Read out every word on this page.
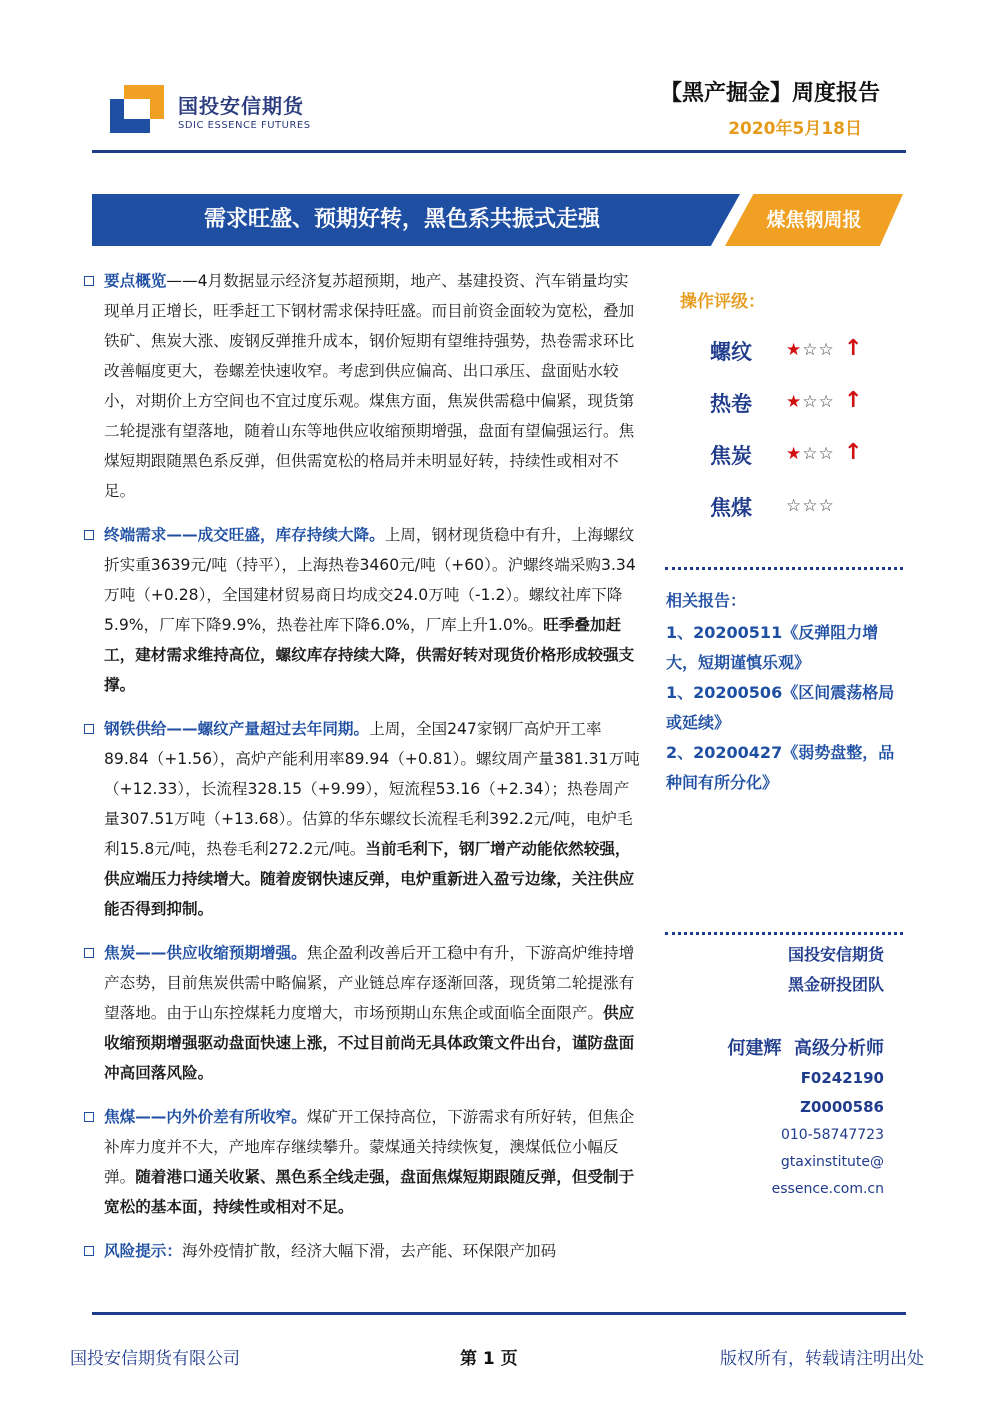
国投安信期货
SDIC ESSENCE FUTURES
【黑产掘金】周度报告
2020年5月18日
需求旺盛、预期好转，黑色系共振式走强	煤焦钢周报
要点概览——4月数据显示经济复苏超预期，地产、基建投资、汽车销量均实现单月正增长，旺季赶工下钢材需求保持旺盛。而目前资金面较为宽松，叠加铁矿、焦炭大涨、废钢反弹推升成本，钢价短期有望维持强势，热卷需求环比改善幅度更大，卷螺差快速收窄。考虑到供应偏高、出口承压、盘面贴水较小，对期价上方空间也不宜过度乐观。煤焦方面，焦炭供需稳中偏紧，现货第二轮提涨有望落地，随着山东等地供应收缩预期增强，盘面有望偏强运行。焦煤短期跟随黑色系反弹，但供需宽松的格局并未明显好转，持续性或相对不足。
终端需求——成交旺盛，库存持续大降。上周，钢材现货稳中有升，上海螺纹折实重3639元/吨（持平），上海热卷3460元/吨（+60）。沪螺终端采购3.34万吨（+0.28），全国建材贸易商日均成交24.0万吨（-1.2）。螺纹社库下降5.9%，厂库下降9.9%，热卷社库下降6.0%，厂库上升1.0%。旺季叠加赶工，建材需求维持高位，螺纹库存持续大降，供需好转对现货价格形成较强支撑。
钢铁供给——螺纹产量超过去年同期。上周，全国247家钢厂高炉开工率89.84（+1.56），高炉产能利用率89.94（+0.81）。螺纹周产量381.31万吨（+12.33），长流程328.15（+9.99），短流程53.16（+2.34）；热卷周产量307.51万吨（+13.68）。估算的华东螺纹长流程毛利392.2元/吨，电炉毛利15.8元/吨，热卷毛利272.2元/吨。当前毛利下，钢厂增产动能依然较强，供应端压力持续增大。随着废钢快速反弹，电炉重新进入盈亏边缘，关注供应能否得到抑制。
焦炭——供应收缩预期增强。焦企盈利改善后开工稳中有升，下游高炉维持增产态势，目前焦炭供需中略偏紧，产业链总库存逐渐回落，现货第二轮提涨有望落地。由于山东控煤耗力度增大，市场预期山东焦企或面临全面限产。供应收缩预期增强驱动盘面快速上涨，不过目前尚无具体政策文件出台，谨防盘面冲高回落风险。
焦煤——内外价差有所收窄。煤矿开工保持高位，下游需求有所好转，但焦企补库力度并不大，产地库存继续攀升。蒙煤通关持续恢复，澳煤低位小幅反弹。随着港口通关收紧、黑色系全线走强，盘面焦煤短期跟随反弹，但受制于宽松的基本面，持续性或相对不足。
风险提示：海外疫情扩散，经济大幅下滑，去产能、环保限产加码
操作评级：
螺纹 ★☆☆ ↑
热卷 ★☆☆ ↑
焦炭 ★☆☆ ↑
焦煤 ☆☆☆
相关报告：
1、20200511《反弹阻力增大，短期谨慎乐观》
1、20200506《区间震荡格局或延续》
2、20200427《弱势盘整，品种间有所分化》
国投安信期货
黑金研投团队
何建辉 高级分析师
F0242190
Z0000586
010-58747723
gtaxinstitute@
essence.com.cn
国投安信期货有限公司	第 1 页	版权所有，转载请注明出处
